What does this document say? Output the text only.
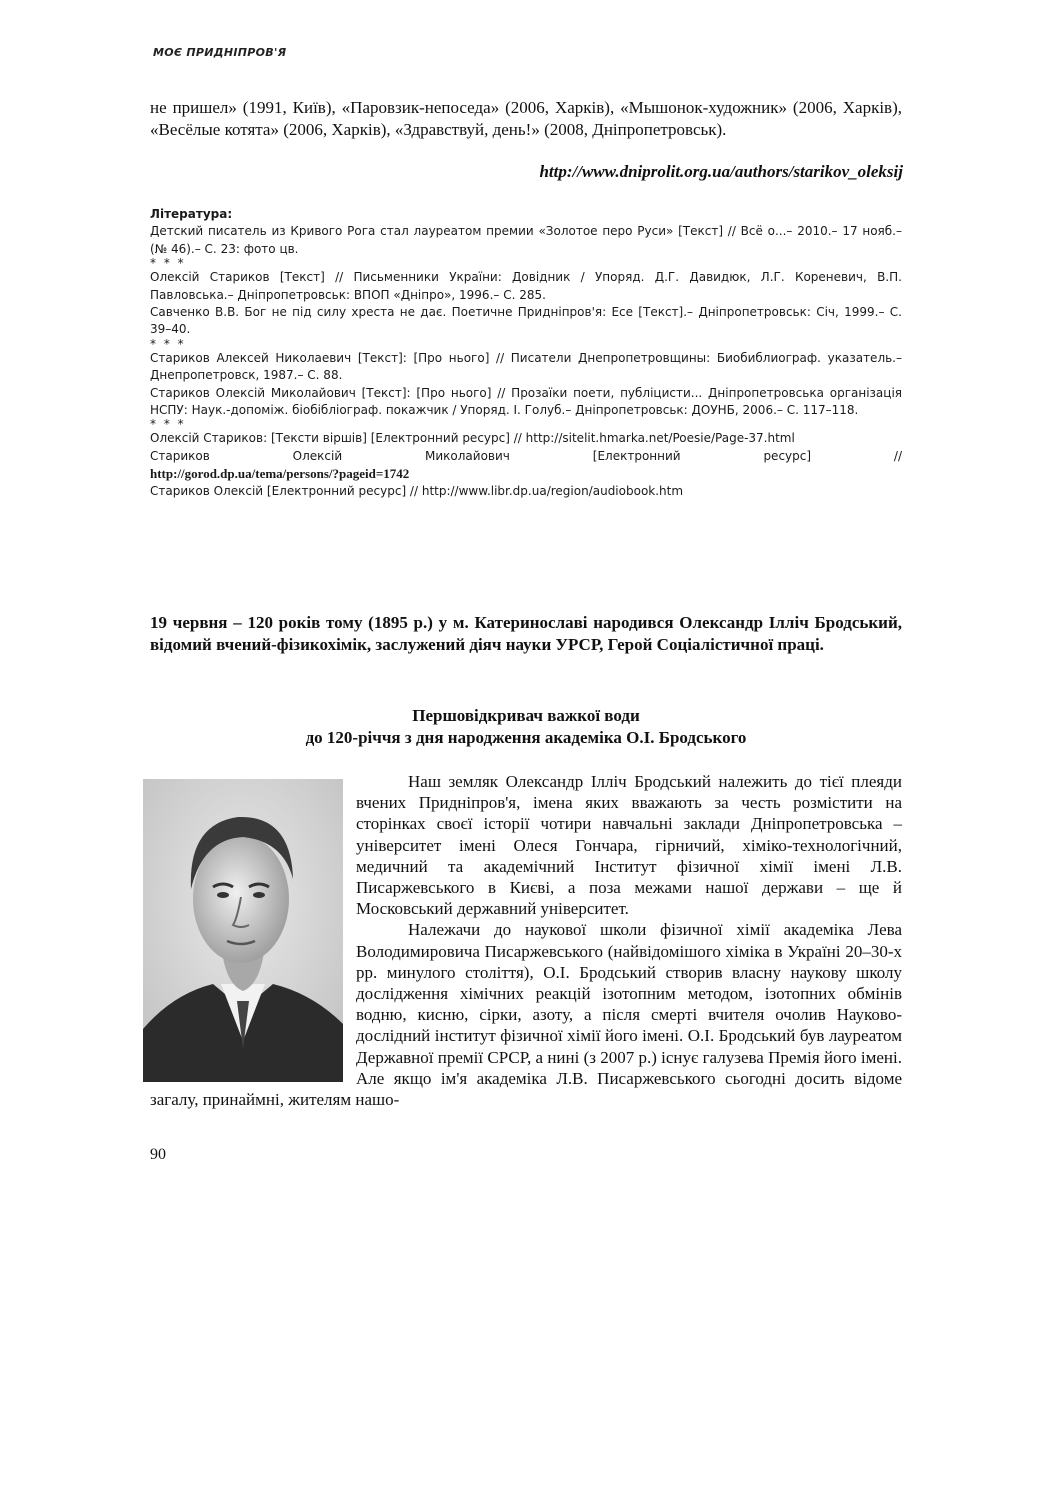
МОЄ ПРИДНІПРОВ'Я
не пришел» (1991, Київ), «Паровзик-непоседа» (2006, Харків), «Мышонок-художник» (2006, Харків), «Весёлые котята» (2006, Харків), «Здравствуй, день!» (2008, Дніпропетровськ).
http://www.dniprolit.org.ua/authors/starikov_oleksij
Література:
Детский писатель из Кривого Рога стал лауреатом премии «Золотое перо Руси» [Текст] // Всё о...– 2010.– 17 нояб.– (№ 46).– С. 23: фото цв.
* * *
Олексій Стариков [Текст] // Письменники України: Довідник / Упоряд. Д.Г. Давидюк, Л.Г. Кореневич, В.П. Павловська.– Дніпропетровськ: ВПОП «Дніпро», 1996.– С. 285.
Савченко В.В. Бог не під силу хреста не дає. Поетичне Придніпров'я: Есе [Текст].– Дніпропетровськ: Січ, 1999.– С. 39–40.
* * *
Стариков Алексей Николаевич [Текст]: [Про нього] // Писатели Днепропетровщины: Биобиблиограф. указатель.– Днепропетровск, 1987.– С. 88.
Стариков Олексій Миколайович [Текст]: [Про нього] // Прозаїки поети, публіцисти... Дніпропетровська організація НСПУ: Наук.-допоміж. біобібліограф. покажчик / Упоряд. І. Голуб.– Дніпропетровськ: ДОУНБ, 2006.– С. 117–118.
* * *
Олексій Стариков: [Тексти віршів] [Електронний ресурс] // http://sitelit.hmarka.net/Poesie/Page-37.html
Стариков Олексій Миколайович [Електронний ресурс] //
http://gorod.dp.ua/tema/persons/?pageid=1742
Стариков Олексій [Електронний ресурс] // http://www.libr.dp.ua/region/audiobook.htm
19 червня – 120 років тому (1895 р.) у м. Катеринославі народився Олександр Ілліч Бродський, відомий вчений-фізикохімік, заслужений діяч науки УРСР, Герой Соціалістичної праці.
Першовідкривач важкої води
до 120-річчя з дня народження академіка О.І. Бродського

Наш земляк Олександр Ілліч Бродський належить до тієї плеяди вчених Придніпров'я, імена яких вважають за честь розмістити на сторінках своєї історії чотири навчальні заклади Дніпропетровська – університет імені Олеся Гончара, гірничий, хіміко-технологічний, медичний та академічний Інститут фізичної хімії імені Л.В. Писаржевського в Києві, а поза межами нашої держави – ще й Московський державний університет.

Належачи до наукової школи фізичної хімії академіка Лева Володимировича Писаржевського (найвідомішого хіміка в Україні 20–30-х рр. минулого століття), О.І. Бродський створив власну наукову школу дослідження хімічних реакцій ізотопним методом, ізотопних обмінів водню, кисню, сірки, азоту, а після смерті вчителя очолив Науково-дослідний інститут фізичної хімії його імені. О.І. Бродський був лауреатом Державної премії СРСР, а нині (з 2007 р.) існує галузева Премія його імені. Але якщо ім'я академіка Л.В. Писаржевського сьогодні досить відоме загалу, принаймні, жителям нашо-

90
